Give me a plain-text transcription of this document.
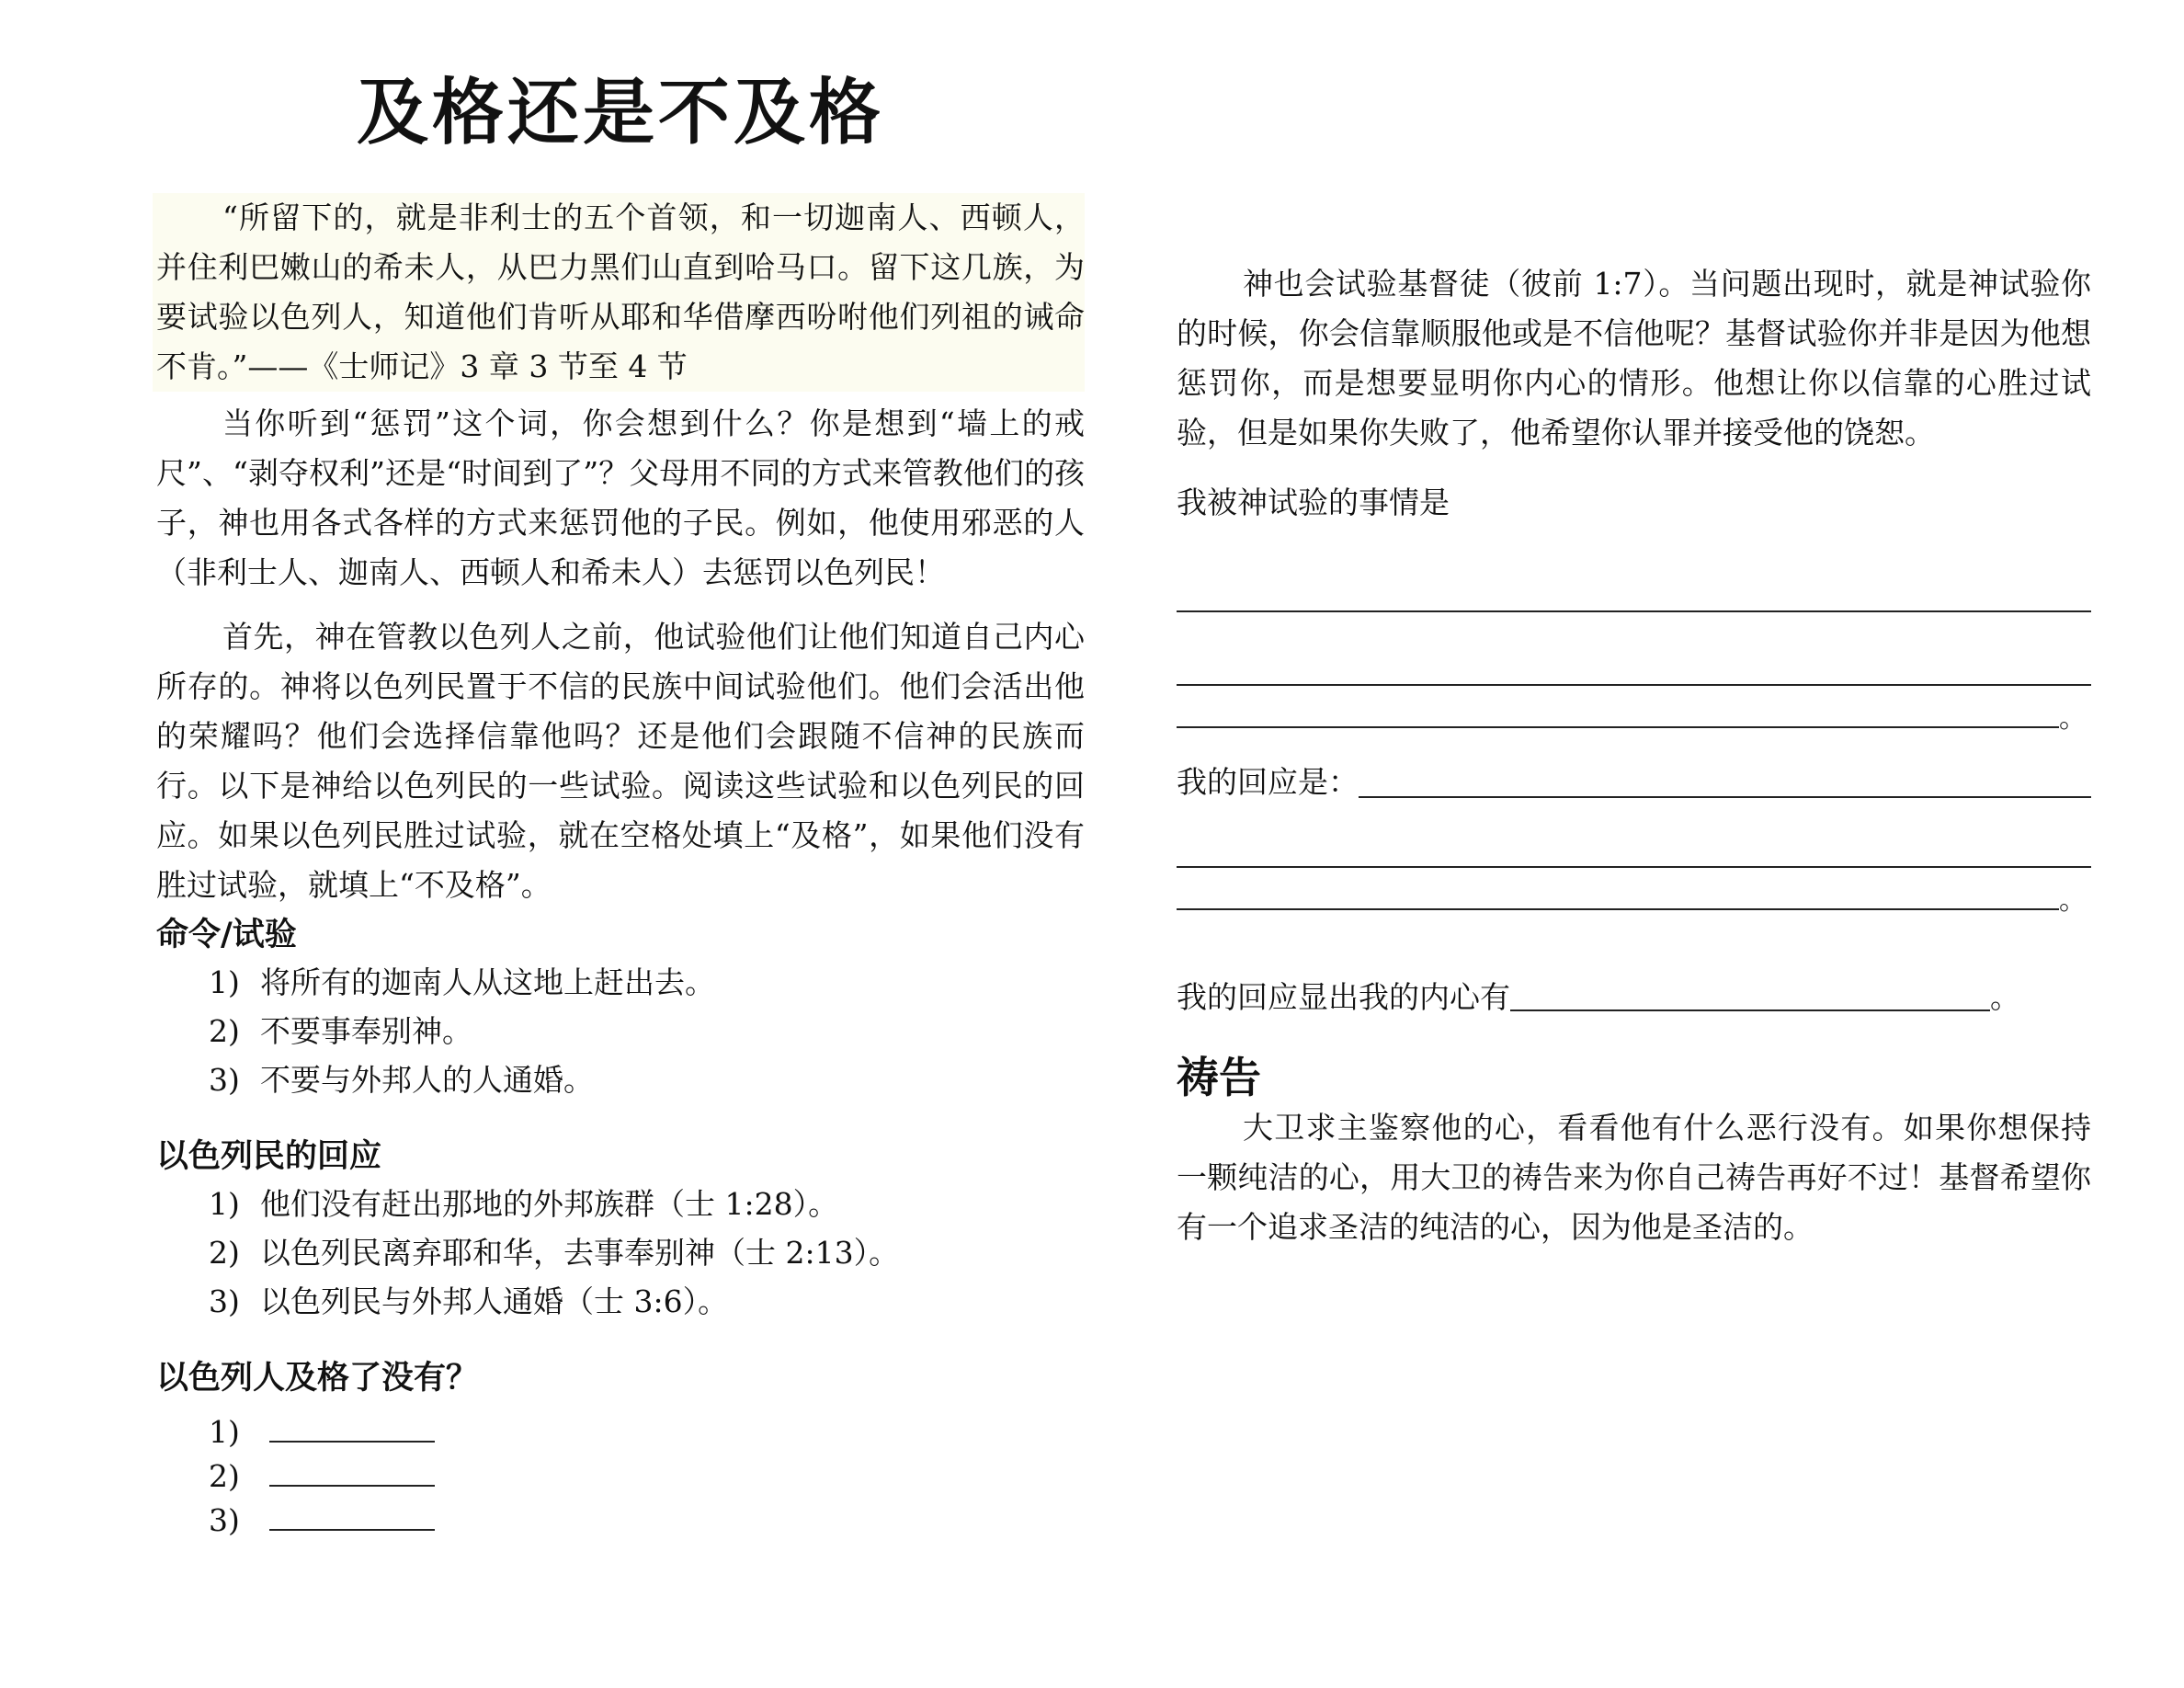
及格还是不及格

“所留下的，就是非利士的五个首领，和一切迦南人、西顿人，并住利巴嫩山的希未人，从巴力黑们山直到哈马口。留下这几族，为要试验以色列人，知道他们肯听从耶和华借摩西吩咐他们列祖的诫命不肯。”——《士师记》3 章 3 节至 4 节

当你听到“惩罚”这个词，你会想到什么？你是想到“墙上的戒尺”、“剥夺权利”还是“时间到了”？父母用不同的方式来管教他们的孩子，神也用各式各样的方式来惩罚他的子民。例如，他使用邪恶的人（非利士人、迦南人、西顿人和希未人）去惩罚以色列民！

首先，神在管教以色列人之前，他试验他们让他们知道自己内心所存的。神将以色列民置于不信的民族中间试验他们。他们会活出他的荣耀吗？他们会选择信靠他吗？还是他们会跟随不信神的民族而行。以下是神给以色列民的一些试验。阅读这些试验和以色列民的回应。如果以色列民胜过试验，就在空格处填上“及格”，如果他们没有胜过试验，就填上“不及格”。

命令/试验

1) 将所有的迦南人从这地上赶出去。
2) 不要事奉别神。
3) 不要与外邦人的人通婚。

以色列民的回应

1) 他们没有赶出那地的外邦族群（士 1:28）。
2) 以色列民离弃耶和华，去事奉别神（士 2:13）。
3) 以色列民与外邦人通婚（士 3:6）。

以色列人及格了没有？

1)
2)
3)

神也会试验基督徒（彼前 1:7）。当问题出现时，就是神试验你的时候，你会信靠顺服他或是不信他呢？基督试验你并非是因为他想惩罚你，而是想要显明你内心的情形。他想让你以信靠的心胜过试验，但是如果你失败了，他希望你认罪并接受他的饶恕。

我被神试验的事情是

。
我的回应是：
。
我的回应显出我的内心有	。

祷告

大卫求主鉴察他的心，看看他有什么恶行没有。如果你想保持一颗纯洁的心，用大卫的祷告来为你自己祷告再好不过！基督希望你有一个追求圣洁的纯洁的心，因为他是圣洁的。
